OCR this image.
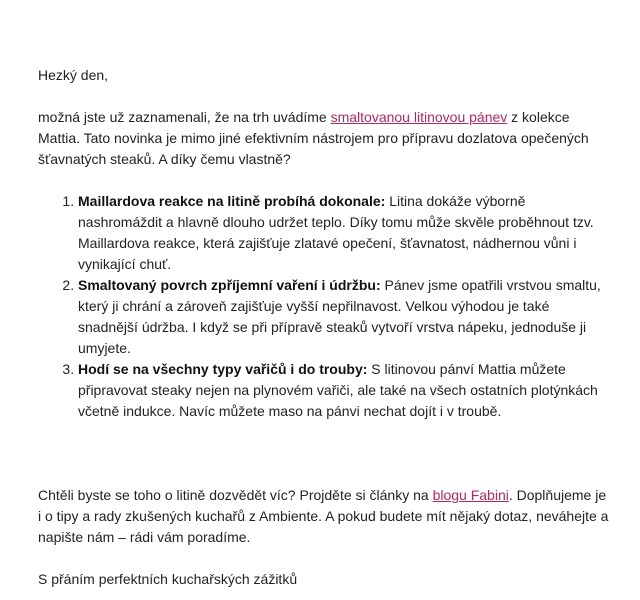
Hezký den,

možná jste už zaznamenali, že na trh uvádíme smaltovanou litinovou pánev z kolekce Mattia. Tato novinka je mimo jiné efektivním nástrojem pro přípravu dozlatova opečených šťavnatých steaků. A díky čemu vlastně?

1. Maillardova reakce na litině probíhá dokonale: Litina dokáže výborně nashromáždit a hlavně dlouho udržet teplo. Díky tomu může skvěle proběhnout tzv. Maillardova reakce, která zajišťuje zlatavé opečení, šťavnatost, nádhernou vůni i vynikající chuť.
2. Smaltovaný povrch zpříjemní vaření i údržbu: Pánev jsme opatřili vrstvou smaltu, který ji chrání a zároveň zajišťuje vyšší nepřilnavost. Velkou výhodou je také snadnější údržba. I když se při přípravě steaků vytvoří vrstva nápeku, jednoduše ji umyjete.
3. Hodí se na všechny typy vařičů i do trouby: S litinovou pánví Mattia můžete připravovat steaky nejen na plynovém vařiči, ale také na všech ostatních plotýnkách včetně indukce. Navíc můžete maso na pánvi nechat dojít i v troubě.

Chtěli byste se toho o litině dozvědět víc? Projděte si články na blogu Fabini. Doplňujeme je i o tipy a rady zkušených kuchařů z Ambiente. A pokud budete mít nějaký dotaz, neváhejte a napište nám – rádi vám poradíme.

S přáním perfektních kuchařských zážitků
